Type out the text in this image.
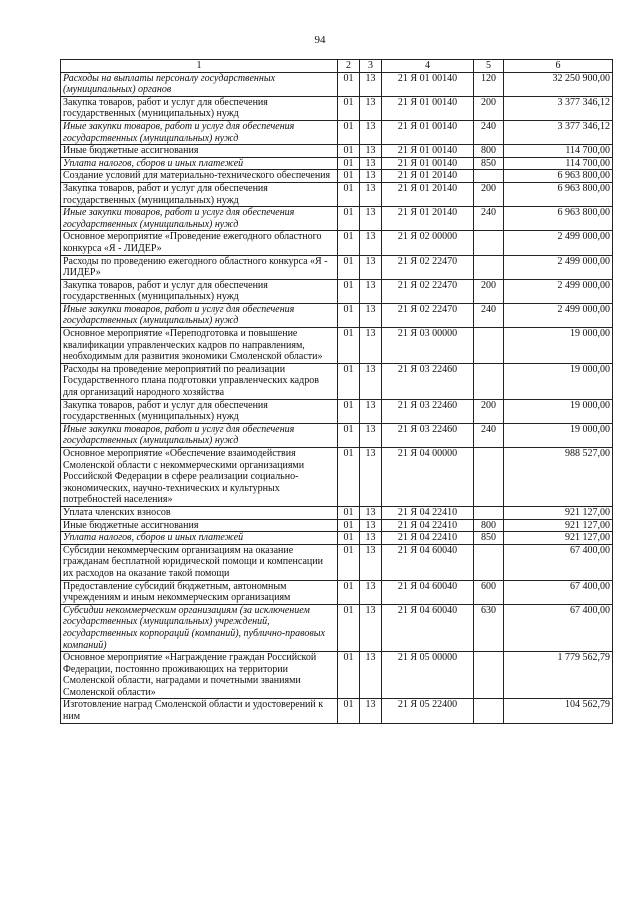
94
1	2	3	4	5	6
Расходы на выплаты персоналу государственных (муниципальных) органов	01	13	21 Я 01 00140	120	32 250 900,00
Закупка товаров, работ и услуг для обеспечения государственных (муниципальных) нужд	01	13	21 Я 01 00140	200	3 377 346,12
Иные закупки товаров, работ и услуг для обеспечения государственных (муниципальных) нужд	01	13	21 Я 01 00140	240	3 377 346,12
Иные бюджетные ассигнования	01	13	21 Я 01 00140	800	114 700,00
Уплата налогов, сборов и иных платежей	01	13	21 Я 01 00140	850	114 700,00
Создание условий для материально-технического обеспечения	01	13	21 Я 01 20140		6 963 800,00
Закупка товаров, работ и услуг для обеспечения государственных (муниципальных) нужд	01	13	21 Я 01 20140	200	6 963 800,00
Иные закупки товаров, работ и услуг для обеспечения государственных (муниципальных) нужд	01	13	21 Я 01 20140	240	6 963 800,00
Основное мероприятие «Проведение ежегодного областного конкурса «Я - ЛИДЕР»	01	13	21 Я 02 00000		2 499 000,00
Расходы по проведению ежегодного областного конкурса «Я - ЛИДЕР»	01	13	21 Я 02 22470		2 499 000,00
Закупка товаров, работ и услуг для обеспечения государственных (муниципальных) нужд	01	13	21 Я 02 22470	200	2 499 000,00
Иные закупки товаров, работ и услуг для обеспечения государственных (муниципальных) нужд	01	13	21 Я 02 22470	240	2 499 000,00
Основное мероприятие «Переподготовка и повышение квалификации управленческих кадров по направлениям, необходимым для развития экономики Смоленской области»	01	13	21 Я 03 00000		19 000,00
Расходы на проведение мероприятий по реализации Государственного плана подготовки управленческих кадров для организаций народного хозяйства	01	13	21 Я 03 22460		19 000,00
Закупка товаров, работ и услуг для обеспечения государственных (муниципальных) нужд	01	13	21 Я 03 22460	200	19 000,00
Иные закупки товаров, работ и услуг для обеспечения государственных (муниципальных) нужд	01	13	21 Я 03 22460	240	19 000,00
Основное мероприятие «Обеспечение взаимодействия Смоленской области с некоммерческими организациями Российской Федерации в сфере реализации социально-экономических, научно-технических и культурных потребностей населения»	01	13	21 Я 04 00000		988 527,00
Уплата членских взносов	01	13	21 Я 04 22410		921 127,00
Иные бюджетные ассигнования	01	13	21 Я 04 22410	800	921 127,00
Уплата налогов, сборов и иных платежей	01	13	21 Я 04 22410	850	921 127,00
Субсидии некоммерческим организациям на оказание гражданам бесплатной юридической помощи и компенсации их расходов на оказание такой помощи	01	13	21 Я 04 60040		67 400,00
Предоставление субсидий бюджетным, автономным учреждениям и иным некоммерческим организациям	01	13	21 Я 04 60040	600	67 400,00
Субсидии некоммерческим организациям (за исключением государственных (муниципальных) учреждений, государственных корпораций (компаний), публично-правовых компаний)	01	13	21 Я 04 60040	630	67 400,00
Основное мероприятие «Награждение граждан Российской Федерации, постоянно проживающих на территории Смоленской области, наградами и почетными званиями Смоленской области»	01	13	21 Я 05 00000		1 779 562,79
Изготовление наград Смоленской области и удостоверений к ним	01	13	21 Я 05 22400		104 562,79
